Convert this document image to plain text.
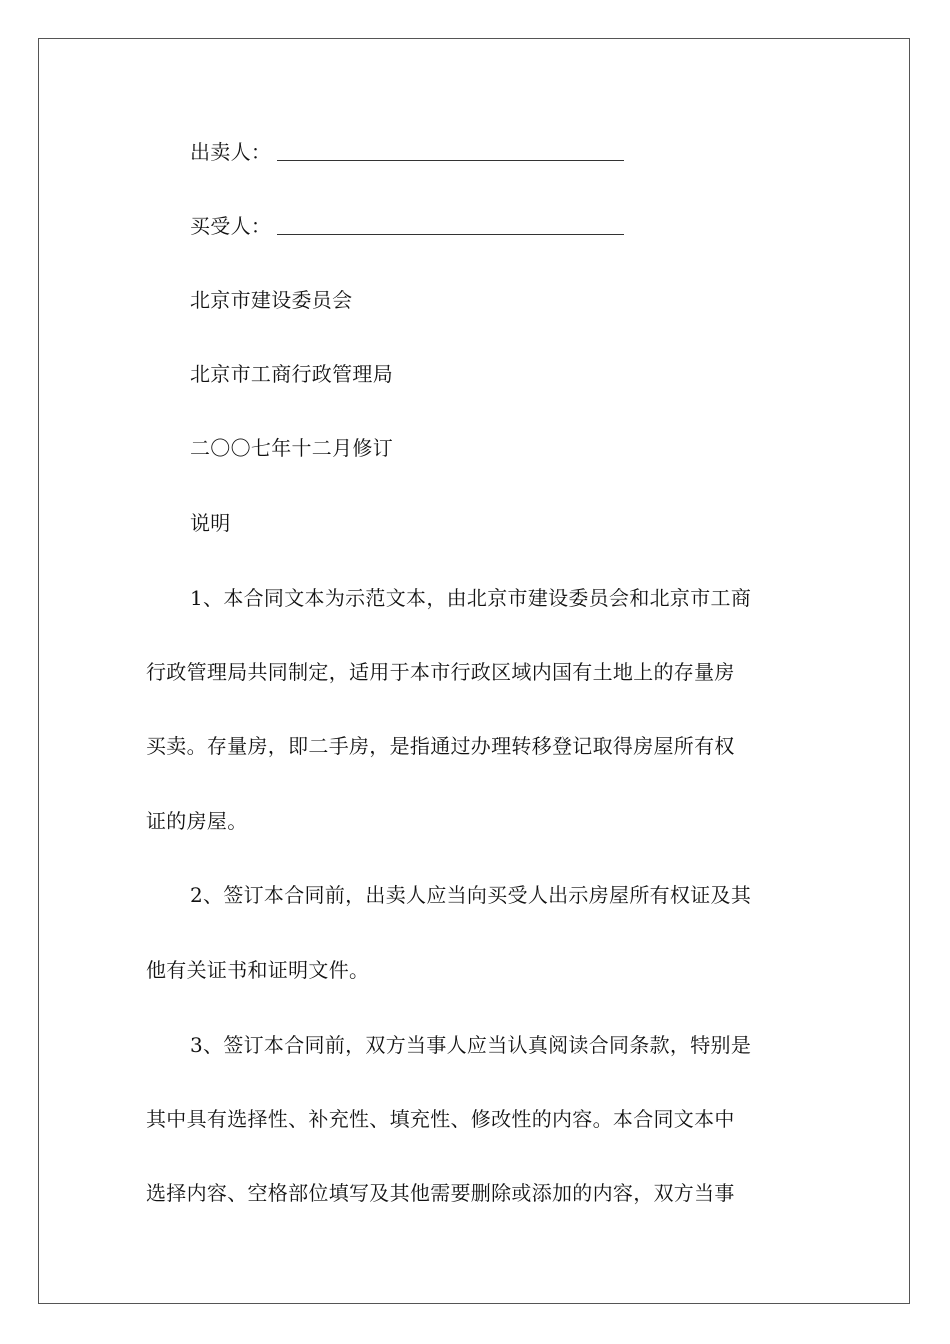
出卖人：
买受人：
北京市建设委员会
北京市工商行政管理局
二〇〇七年十二月修订
说明
1、本合同文本为示范文本，由北京市建设委员会和北京市工商
行政管理局共同制定，适用于本市行政区域内国有土地上的存量房
买卖。存量房，即二手房，是指通过办理转移登记取得房屋所有权
证的房屋。
2、签订本合同前，出卖人应当向买受人出示房屋所有权证及其
他有关证书和证明文件。
3、签订本合同前，双方当事人应当认真阅读合同条款，特别是
其中具有选择性、补充性、填充性、修改性的内容。本合同文本中
选择内容、空格部位填写及其他需要删除或添加的内容，双方当事
